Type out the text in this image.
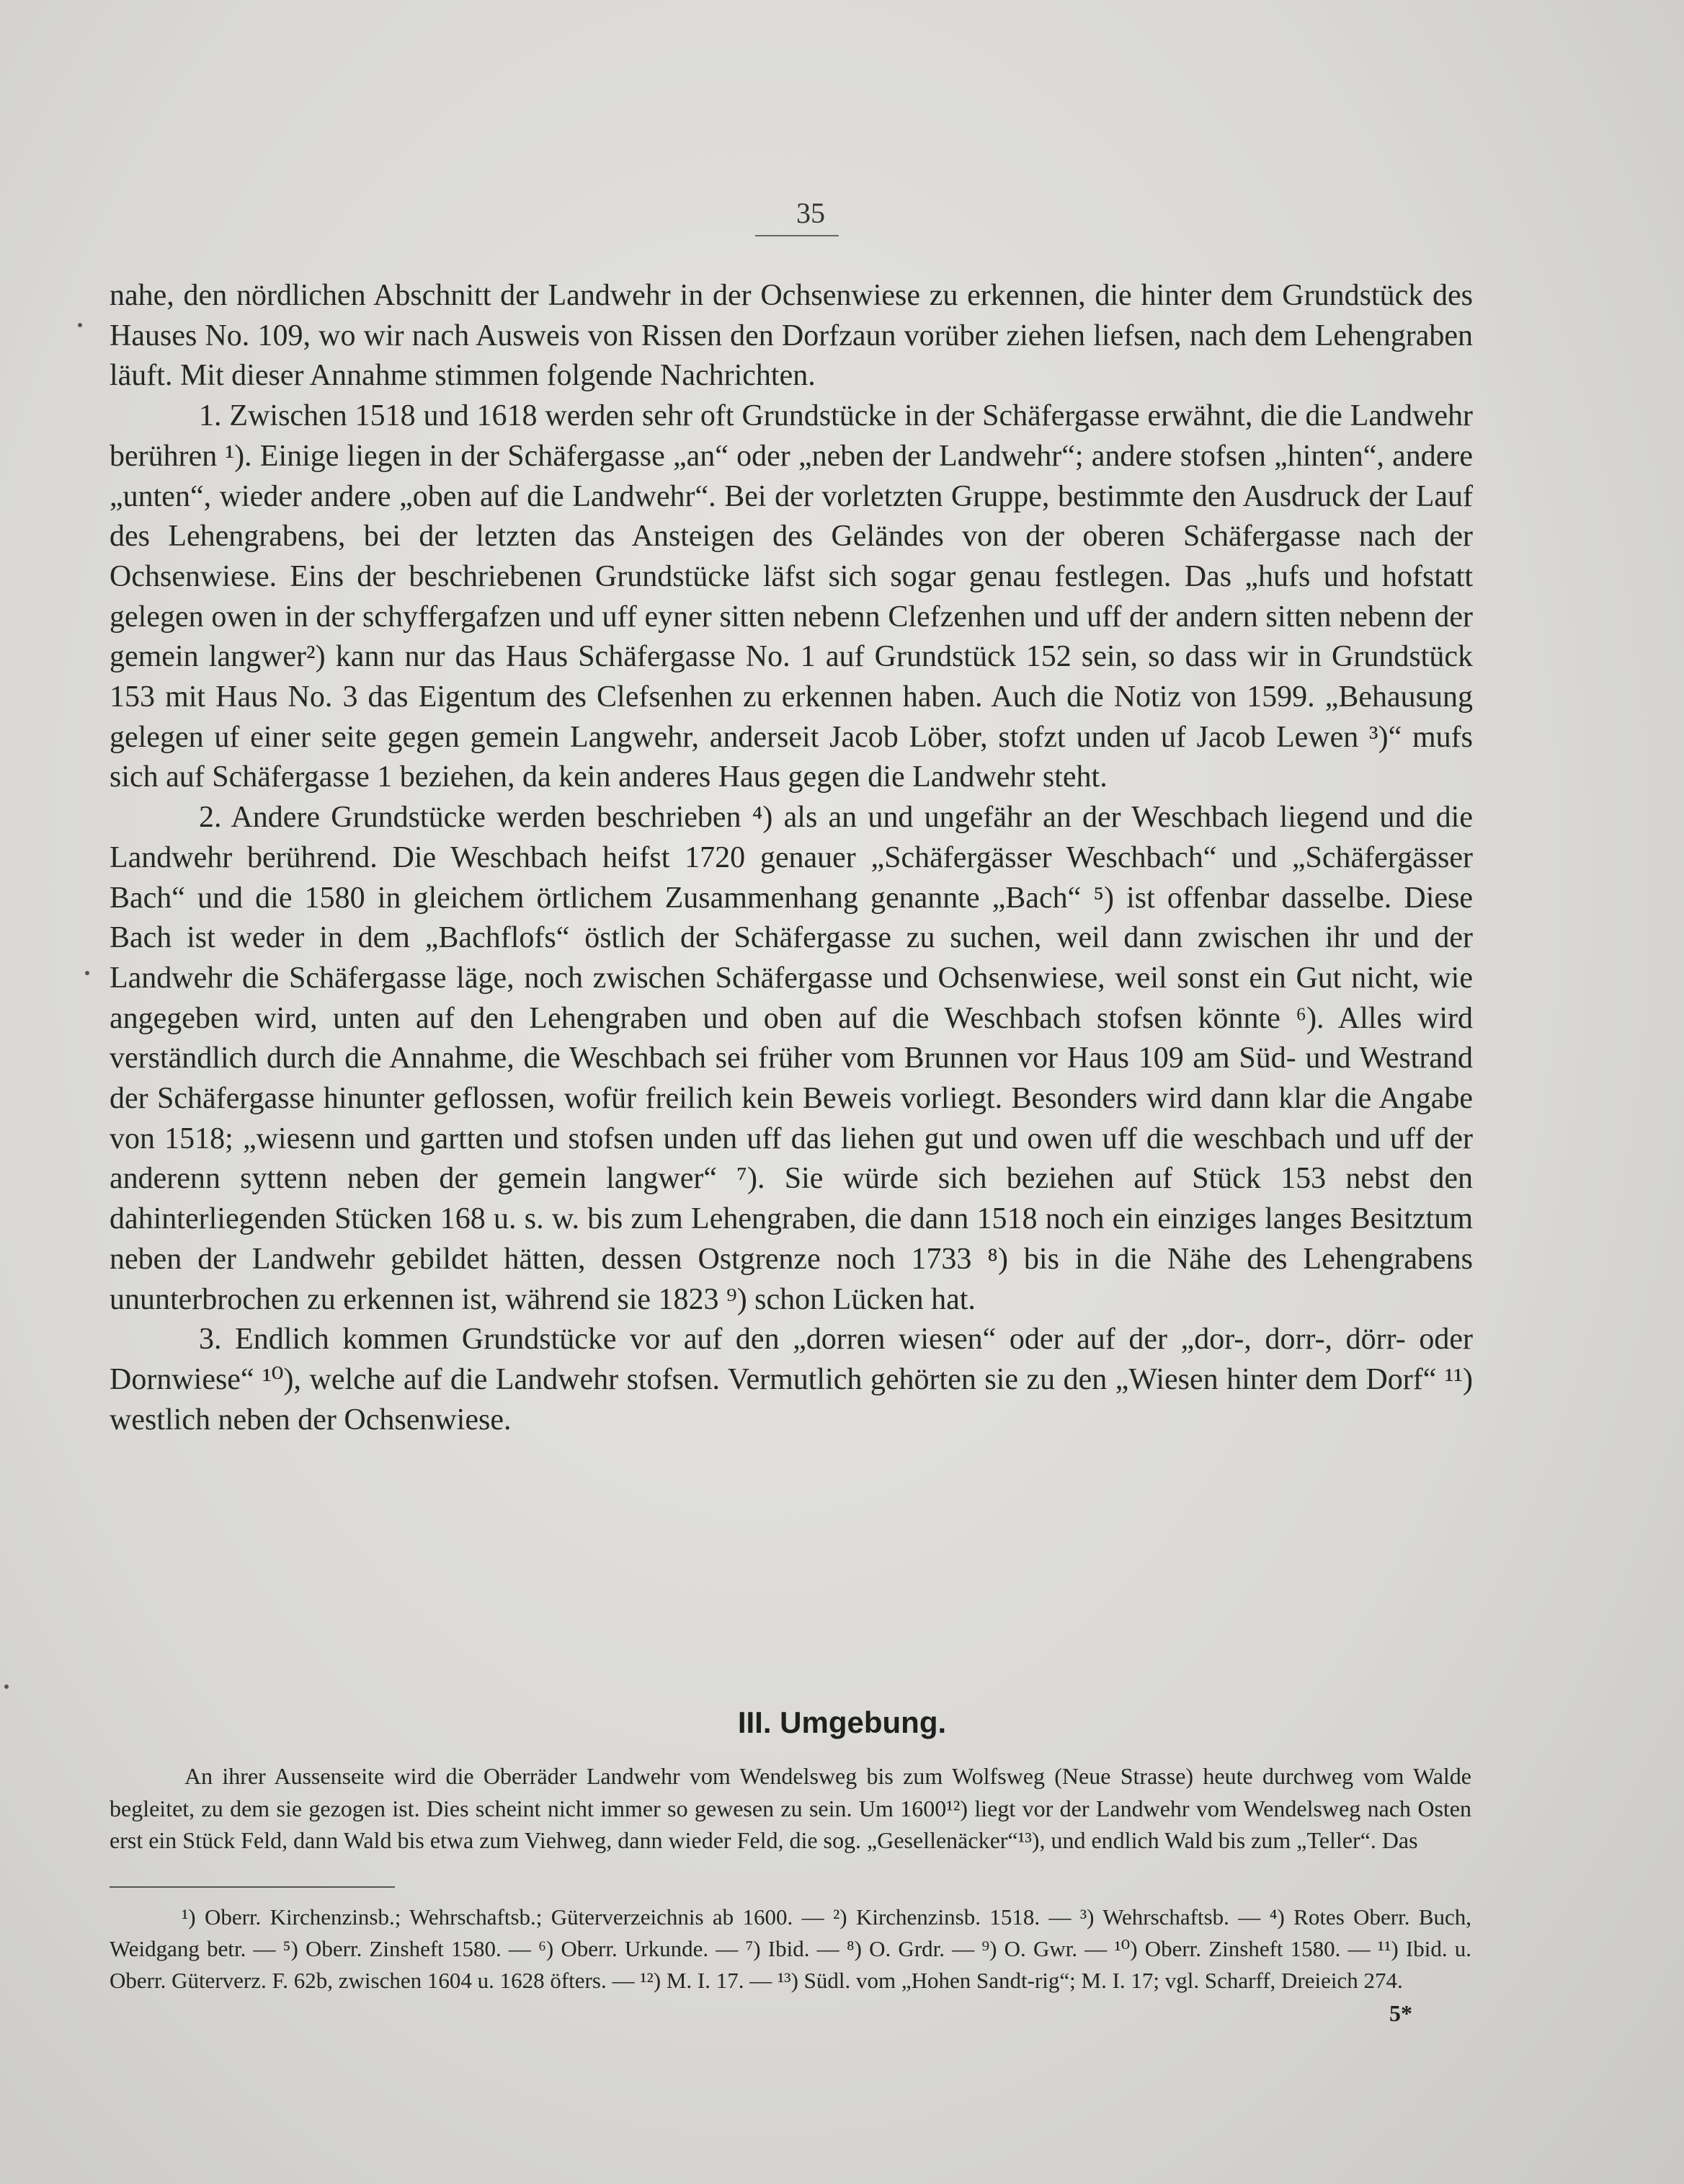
35

nahe, den nördlichen Abschnitt der Landwehr in der Ochsenwiese zu erkennen, die hinter dem Grundstück des Hauses No. 109, wo wir nach Ausweis von Rissen den Dorfzaun vorüber ziehen liefsen, nach dem Lehengraben läuft. Mit dieser Annahme stimmen folgende Nachrichten.

1. Zwischen 1518 und 1618 werden sehr oft Grundstücke in der Schäfergasse erwähnt, die die Landwehr berühren ¹). Einige liegen in der Schäfergasse „an“ oder „neben der Landwehr“; andere stofsen „hinten“, andere „unten“, wieder andere „oben auf die Landwehr“. Bei der vorletzten Gruppe, bestimmte den Ausdruck der Lauf des Lehengrabens, bei der letzten das Ansteigen des Geländes von der oberen Schäfergasse nach der Ochsenwiese. Eins der beschriebenen Grundstücke läfst sich sogar genau festlegen. Das „hufs und hofstatt gelegen owen in der schyffergafzen und uff eyner sitten nebenn Clefzenhen und uff der andern sitten nebenn der gemein langwer²) kann nur das Haus Schäfergasse No. 1 auf Grundstück 152 sein, so dass wir in Grundstück 153 mit Haus No. 3 das Eigentum des Clefsenhen zu erkennen haben. Auch die Notiz von 1599. „Behausung gelegen uf einer seite gegen gemein Langwehr, anderseit Jacob Löber, stofzt unden uf Jacob Lewen ³)“ mufs sich auf Schäfergasse 1 beziehen, da kein anderes Haus gegen die Landwehr steht.

2. Andere Grundstücke werden beschrieben ⁴) als an und ungefähr an der Weschbach liegend und die Landwehr berührend. Die Weschbach heifst 1720 genauer „Schäfergässer Weschbach“ und „Schäfergässer Bach“ und die 1580 in gleichem örtlichem Zusammenhang genannte „Bach“ ⁵) ist offenbar dasselbe. Diese Bach ist weder in dem „Bachflofs“ östlich der Schäfergasse zu suchen, weil dann zwischen ihr und der Landwehr die Schäfergasse läge, noch zwischen Schäfergasse und Ochsenwiese, weil sonst ein Gut nicht, wie angegeben wird, unten auf den Lehengraben und oben auf die Weschbach stofsen könnte ⁶). Alles wird verständlich durch die Annahme, die Weschbach sei früher vom Brunnen vor Haus 109 am Süd- und Westrand der Schäfergasse hinunter geflossen, wofür freilich kein Beweis vorliegt. Besonders wird dann klar die Angabe von 1518; „wiesenn und gartten und stofsen unden uff das liehen gut und owen uff die weschbach und uff der anderenn syttenn neben der gemein langwer“ ⁷). Sie würde sich beziehen auf Stück 153 nebst den dahinterliegenden Stücken 168 u. s. w. bis zum Lehengraben, die dann 1518 noch ein einziges langes Besitztum neben der Landwehr gebildet hätten, dessen Ostgrenze noch 1733 ⁸) bis in die Nähe des Lehengrabens ununterbrochen zu erkennen ist, während sie 1823 ⁹) schon Lücken hat.

3. Endlich kommen Grundstücke vor auf den „dorren wiesen“ oder auf der „dor-, dorr-, dörr- oder Dornwiese“ ¹⁰), welche auf die Landwehr stofsen. Vermutlich gehörten sie zu den „Wiesen hinter dem Dorf“ ¹¹) westlich neben der Ochsenwiese.

III. Umgebung.

An ihrer Aussenseite wird die Oberräder Landwehr vom Wendelsweg bis zum Wolfsweg (Neue Strasse) heute durchweg vom Walde begleitet, zu dem sie gezogen ist. Dies scheint nicht immer so gewesen zu sein. Um 1600¹²) liegt vor der Landwehr vom Wendelsweg nach Osten erst ein Stück Feld, dann Wald bis etwa zum Viehweg, dann wieder Feld, die sog. „Gesellenäcker“¹³), und endlich Wald bis zum „Teller“. Das

¹) Oberr. Kirchenzinsb.; Wehrschaftsb.; Güterverzeichnis ab 1600. — ²) Kirchenzinsb. 1518. — ³) Wehrschaftsb. — ⁴) Rotes Oberr. Buch, Weidgang betr. — ⁵) Oberr. Zinsheft 1580. — ⁶) Oberr. Urkunde. — ⁷) Ibid. — ⁸) O. Grdr. — ⁹) O. Gwr. — ¹⁰) Oberr. Zinsheft 1580. — ¹¹) Ibid. u. Oberr. Güterverz. F. 62b, zwischen 1604 u. 1628 öfters. — ¹²) M. I. 17. — ¹³) Südl. vom „Hohen Sandt-rig“; M. I. 17; vgl. Scharff, Dreieich 274.

5*
